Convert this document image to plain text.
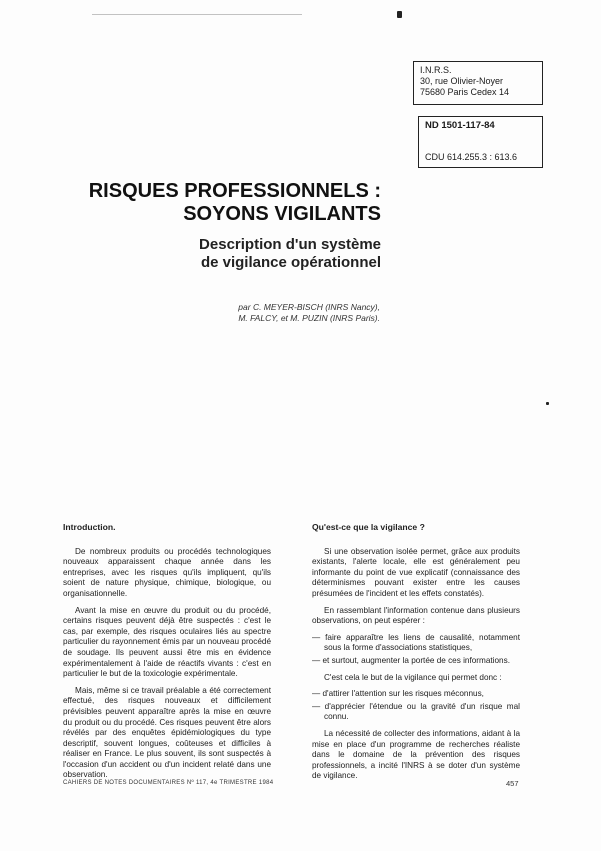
I.N.R.S.
30, rue Olivier-Noyer
75680 Paris Cedex 14
ND 1501-117-84
CDU 614.255.3 : 613.6
RISQUES PROFESSIONNELS :
SOYONS VIGILANTS
Description d'un système
de vigilance opérationnel
par C. MEYER-BISCH (INRS Nancy),
M. FALCY, et M. PUZIN (INRS Paris).

Introduction.

De nombreux produits ou procédés technologiques nouveaux apparaissent chaque année dans les entreprises, avec les risques qu'ils impliquent, qu'ils soient de nature physique, chimique, biologique, ou organisationnelle.

Avant la mise en œuvre du produit ou du procédé, certains risques peuvent déjà être suspectés : c'est le cas, par exemple, des risques oculaires liés au spectre particulier du rayonnement émis par un nouveau procédé de soudage. Ils peuvent aussi être mis en évidence expérimentalement à l'aide de réactifs vivants : c'est en particulier le but de la toxicologie expérimentale.

Mais, même si ce travail préalable a été correctement effectué, des risques nouveaux et difficilement prévisibles peuvent apparaître après la mise en œuvre du produit ou du procédé. Ces risques peuvent être alors révélés par des enquêtes épidémiologiques du type descriptif, souvent longues, coûteuses et difficiles à réaliser en France. Le plus souvent, ils sont suspectés à l'occasion d'un accident ou d'un incident relaté dans une observation.

Qu'est-ce que la vigilance ?

Si une observation isolée permet, grâce aux produits existants, l'alerte locale, elle est généralement peu informante du point de vue explicatif (connaissance des déterminismes pouvant exister entre les causes présumées de l'incident et les effets constatés).

En rassemblant l'information contenue dans plusieurs observations, on peut espérer :

— faire apparaître les liens de causalité, notamment sous la forme d'associations statistiques,
— et surtout, augmenter la portée de ces informations.

C'est cela le but de la vigilance qui permet donc :

— d'attirer l'attention sur les risques méconnus,
— d'apprécier l'étendue ou la gravité d'un risque mal connu.

La nécessité de collecter des informations, aidant à la mise en place d'un programme de recherches réaliste dans le domaine de la prévention des risques professionnels, a incité l'INRS à se doter d'un système de vigilance.

CAHIERS DE NOTES DOCUMENTAIRES Nº 117, 4e TRIMESTRE 1984	457
